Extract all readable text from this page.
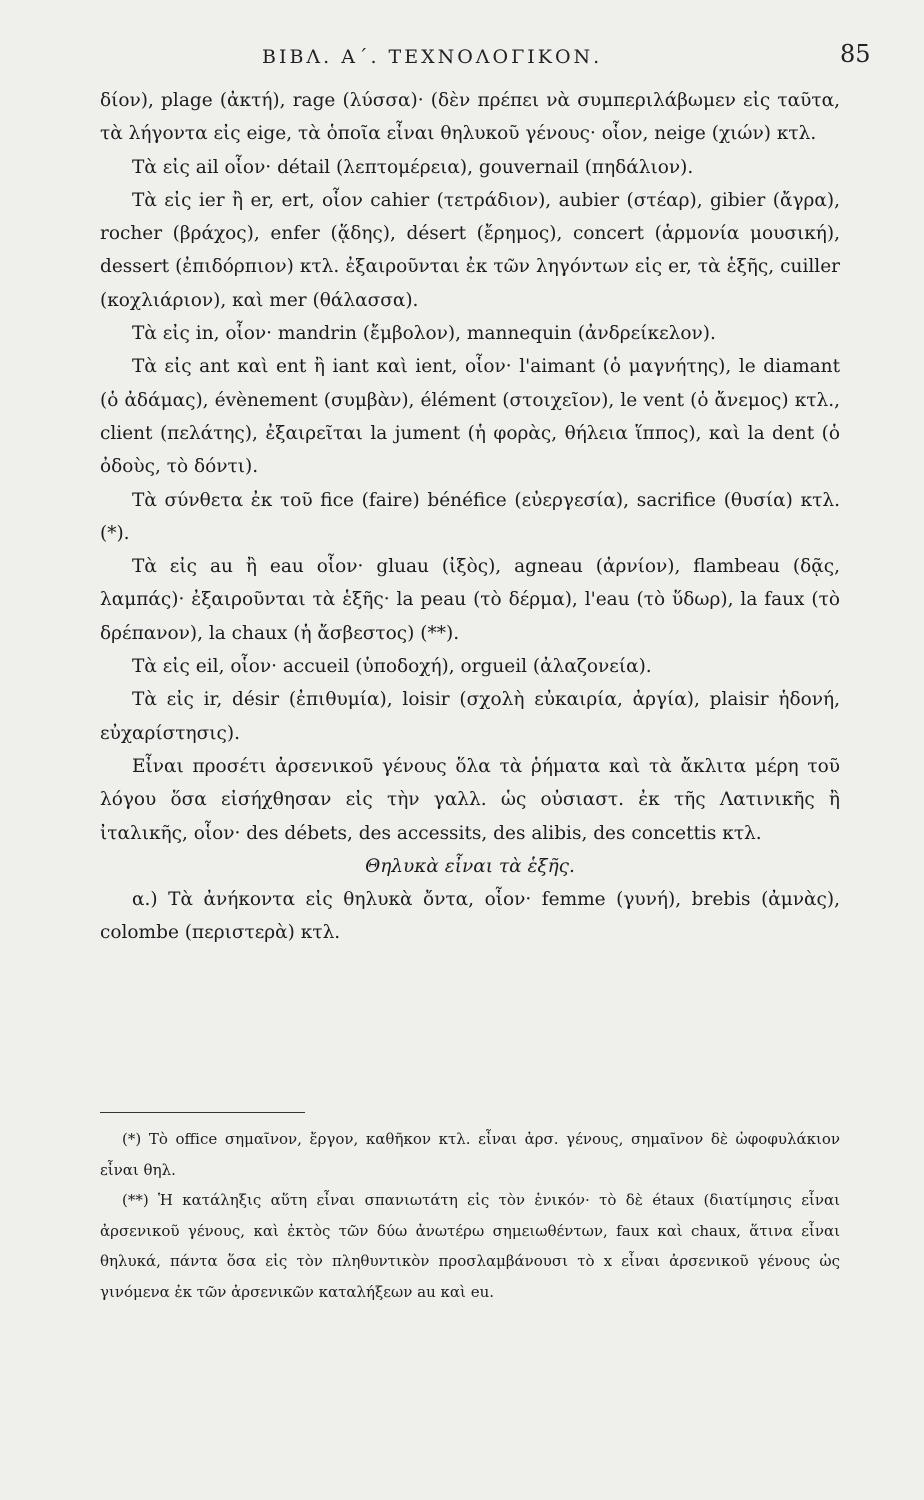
ΒΙΒΛ. Α΄. ΤΕΧΝΟΛΟΓΙΚΟΝ.	85

δίον), plage (ἀκτή), rage (λύσσα)· (δὲν πρέπει νὰ συμπεριλάβωμεν εἰς ταῦτα, τὰ λήγοντα εἰς eige, τὰ ὁποῖα εἶναι θηλυκοῦ γένους· οἷον, neige (χιών) κτλ.

Τὰ εἰς ail οἷον· détail (λεπτομέρεια), gouvernail (πηδάλιον).

Τὰ εἰς ier ἢ er, ert, οἷον cahier (τετράδιον), aubier (στέαρ), gibier (ἄγρα), rocher (βράχος), enfer (ᾅδης), désert (ἔρημος), concert (ἁρμονία μουσική), dessert (ἐπιδόρπιον) κτλ. ἐξαιροῦνται ἐκ τῶν ληγόντων εἰς er, τὰ ἑξῆς, cuiller (κοχλιάριον), καὶ mer (θάλασσα).

Τὰ εἰς in, οἷον· mandrin (ἔμβολον), mannequin (ἀνδρείκελον).

Τὰ εἰς ant καὶ ent ἢ iant καὶ ient, οἷον· l'aimant (ὁ μαγνήτης), le diamant (ὁ ἀδάμας), évènement (συμβὰν), élément (στοιχεῖον), le vent (ὁ ἄνεμος) κτλ., client (πελάτης), ἐξαιρεῖται la jument (ἡ φορὰς, θήλεια ἵππος), καὶ la dent (ὁ ὀδοὺς, τὸ δόντι).

Τὰ σύνθετα ἐκ τοῦ fice (faire) bénéfice (εὐεργεσία), sacrifice (θυσία) κτλ. (*).

Τὰ εἰς au ἢ eau οἷον· gluau (ἰξὸς), agneau (ἀρνίον), flambeau (δᾷς, λαμπάς)· ἐξαιροῦνται τὰ ἑξῆς· la peau (τὸ δέρμα), l'eau (τὸ ὕδωρ), la faux (τὸ δρέπανον), la chaux (ἡ ἄσβεστος) (**).

Τὰ εἰς eil, οἷον· accueil (ὑποδοχή), orgueil (ἀλαζονεία).

Τὰ εἰς ir, désir (ἐπιθυμία), loisir (σχολὴ εὐκαιρία, ἀργία), plaisir ἡδονή, εὐχαρίστησις).

Εἶναι προσέτι ἀρσενικοῦ γένους ὅλα τὰ ῥήματα καὶ τὰ ἄκλιτα μέρη τοῦ λόγου ὅσα εἰσήχθησαν εἰς τὴν γαλλ. ὡς οὐσιαστ. ἐκ τῆς Λατινικῆς ἢ ἰταλικῆς, οἷον· des débets, des accessits, des alibis, des concettis κτλ.

Θηλυκὰ εἶναι τὰ ἑξῆς.

α.) Τὰ ἀνήκοντα εἰς θηλυκὰ ὄντα, οἷον· femme (γυνή), brebis (ἀμνὰς), colombe (περιστερὰ) κτλ.

(*) Τὸ office σημαῖνον, ἔργον, καθῆκον κτλ. εἶναι ἀρσ. γένους, σημαῖνον δὲ ὠφοφυλάκιον εἶναι θηλ.

(**) Ἡ κατάληξις αὕτη εἶναι σπανιωτάτη εἰς τὸν ἑνικόν· τὸ δὲ étaux (διατίμησις εἶναι ἀρσενικοῦ γένους, καὶ ἐκτὸς τῶν δύω ἀνωτέρω σημειωθέντων, faux καὶ chaux, ἅτινα εἶναι θηλυκά, πάντα ὅσα εἰς τὸν πληθυντικὸν προσλαμβάνουσι τὸ x εἶναι ἀρσενικοῦ γένους ὡς γινόμενα ἐκ τῶν ἀρσενικῶν καταλήξεων au καὶ eu.
